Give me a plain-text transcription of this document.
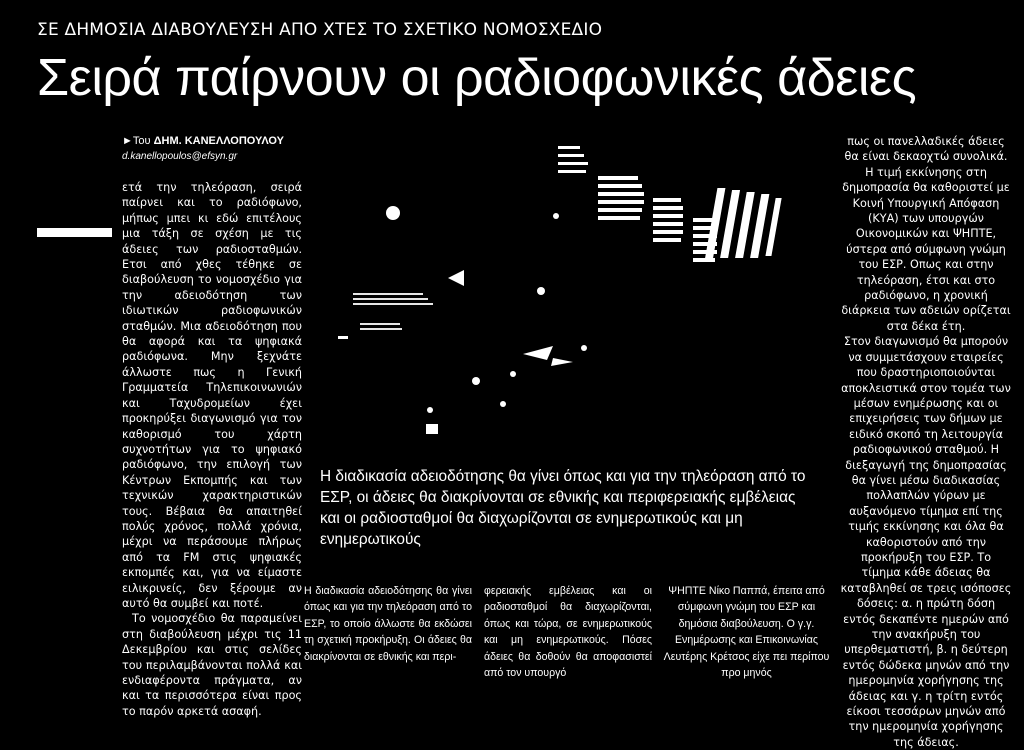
ΣΕ ΔΗΜΟΣΙΑ ΔΙΑΒΟΥΛΕΥΣΗ ΑΠΟ ΧΤΕΣ ΤΟ ΣΧΕΤΙΚΟ ΝΟΜΟΣΧΕΔΙΟ
Σειρά παίρνουν οι ραδιοφωνικές άδειες
►Του ΔΗΜ. ΚΑΝΕΛΛΟΠΟΥΛΟΥ
d.kanellopoulos@efsyn.gr

ετά την τηλεόραση, σειρά παίρνει και το ραδιόφωνο, μήπως μπει κι εδώ επιτέλους μια τάξη σε σχέση με τις άδειες των ραδιοσταθμών. Ετσι από χθες τέθηκε σε διαβούλευση το νομοσχέδιο για την αδειοδότηση των ιδιωτικών ραδιοφωνικών σταθμών. Μια αδειοδότηση που θα αφορά και τα ψηφιακά ραδιόφωνα. Μην ξεχνάτε άλλωστε πως η Γενική Γραμματεία Τηλεπικοινωνιών και Ταχυδρομείων έχει προκηρύξει διαγωνισμό για τον καθορισμό του χάρτη συχνοτήτων για το ψηφιακό ραδιόφωνο, την επιλογή των Κέντρων Εκπομπής και των τεχνικών χαρακτηριστικών τους. Βέβαια θα απαιτηθεί πολύς χρόνος, πολλά χρόνια, μέχρι να περάσουμε πλήρως από τα FM στις ψηφιακές εκπομπές και, για να είμαστε ειλικρινείς, δεν ξέρουμε αν αυτό θα συμβεί και ποτέ.

Το νομοσχέδιο θα παραμείνει στη διαβούλευση μέχρι τις 11 Δεκεμβρίου και στις σελίδες του περιλαμβάνονται πολλά και ενδιαφέροντα πράγματα, αν και τα περισσότερα είναι προς το παρόν αρκετά ασαφή.

Η διαδικασία αδειοδότησης θα γίνει όπως και για την τηλεόραση από το ΕΣΡ, οι άδειες θα διακρίνονται σε εθνικής και περιφερειακής εμβέλειας και οι ραδιοσταθμοί θα διαχωρίζονται σε ενημερωτικούς και μη ενημερωτικούς
Η διαδικασία αδειοδότησης θα γίνει όπως και για την τηλεόραση από το ΕΣΡ, το οποίο άλλωστε θα εκδώσει τη σχετική προκήρυξη. Οι άδειες θα διακρίνονται σε εθνικής και περι-
φερειακής εμβέλειας και οι ραδιοσταθμοί θα διαχωρίζονται, όπως και τώρα, σε ενημερωτικούς και μη ενημερωτικούς. Πόσες άδειες θα δοθούν θα αποφασιστεί από τον υπουργό
ΨΗΠΤΕ Νίκο Παππά, έπειτα από σύμφωνη γνώμη του ΕΣΡ και δημόσια διαβούλευση. Ο γ.γ. Ενημέρωσης και Επικοινωνίας Λευτέρης Κρέτσος είχε πει περίπου προ μηνός

πως οι πανελλαδικές άδειες θα είναι δεκαοχτώ συνολικά. Η τιμή εκκίνησης στη δημοπρασία θα καθοριστεί με Κοινή Υπουργική Απόφαση (ΚΥΑ) των υπουργών Οικονομικών και ΨΗΠΤΕ, ύστερα από σύμφωνη γνώμη του ΕΣΡ. Οπως και στην τηλεόραση, έτσι και στο ραδιόφωνο, η χρονική διάρκεια των αδειών ορίζεται στα δέκα έτη.

Στον διαγωνισμό θα μπορούν να συμμετάσχουν εταιρείες που δραστηριοποιούνται αποκλειστικά στον τομέα των μέσων ενημέρωσης και οι επιχειρήσεις των δήμων με ειδικό σκοπό τη λειτουργία ραδιοφωνικού σταθμού. Η διεξαγωγή της δημοπρασίας θα γίνει μέσω διαδικασίας πολλαπλών γύρων με αυξανόμενο τίμημα επί της τιμής εκκίνησης και όλα θα καθοριστούν από την προκήρυξη του ΕΣΡ. Το τίμημα κάθε άδειας θα καταβληθεί σε τρεις ισόποσες δόσεις: α. η πρώτη δόση εντός δεκαπέντε ημερών από την ανακήρυξη του υπερθεματιστή, β. η δεύτερη εντός δώδεκα μηνών από την ημερομηνία χορήγησης της άδειας και γ. η τρίτη εντός είκοσι τεσσάρων μηνών από την ημερομηνία χορήγησης της άδειας.
